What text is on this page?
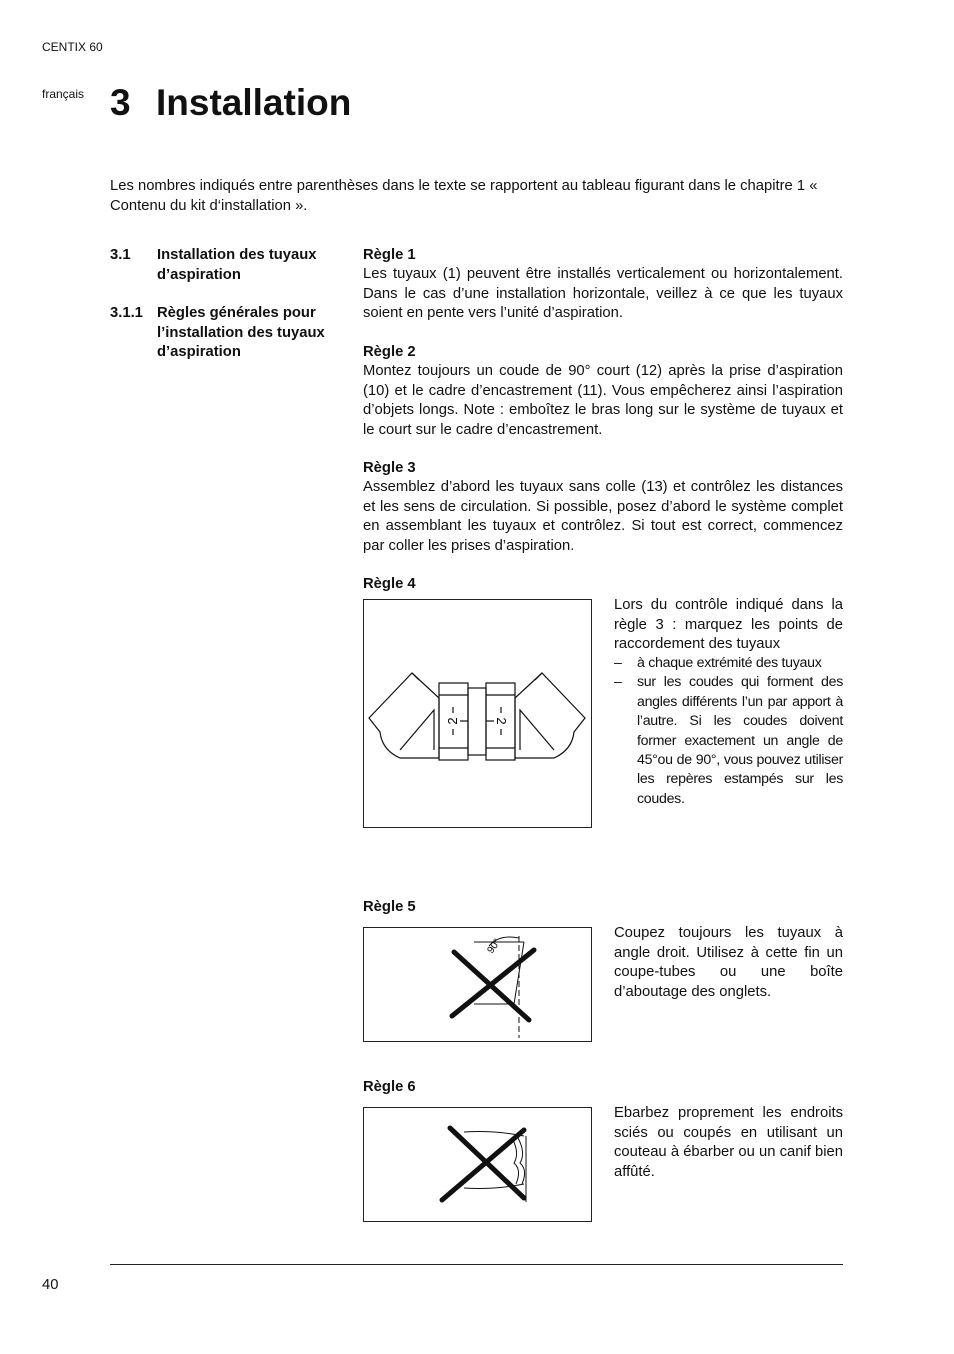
CENTIX 60
français 3 Installation

Les nombres indiqués entre parenthèses dans le texte se rapportent au tableau figurant dans le chapitre 1 « Contenu du kit d‘installation ».

3.1 Installation des tuyaux d’aspiration
3.1.1 Règles générales pour l’installation des tuyaux d’aspiration
Règle 1

Les tuyaux (1) peuvent être installés verticalement ou horizontalement. Dans le cas d’une installation horizontale, veillez à ce que les tuyaux soient en pente vers l’unité d’aspiration.

Règle 2

Montez toujours un coude de 90° court (12) après la prise d’aspiration (10) et le cadre d’encastrement (11). Vous empêcherez ainsi l’aspiration d’objets longs. Note : emboîtez le bras long sur le système de tuyaux et le court sur le cadre d’encastrement.

Règle 3

Assemblez d’abord les tuyaux sans colle (13) et contrôlez les distances et les sens de circulation. Si possible, posez d’abord le système complet en assemblant les tuyaux et contrôlez. Si tout est correct, commencez par coller les prises d’aspiration.

Règle 4
2	2

Lors du contrôle indiqué dans la règle 3 : marquez les points de raccordement des tuyaux

– à chaque extrémité des tuyaux
– sur les coudes qui forment des angles différents l’un par apport à l’autre. Si les coudes doivent former exactement un angle de 45°ou de 90°, vous pouvez utiliser les repères estampés sur les coudes.
Règle 5
90°

Coupez toujours les tuyaux à angle droit. Utilisez à cette fin un coupe-tubes ou une boîte d’aboutage des onglets.

Règle 6

Ebarbez proprement les endroits sciés ou coupés en utilisant un couteau à ébarber ou un canif bien affûté.

40
